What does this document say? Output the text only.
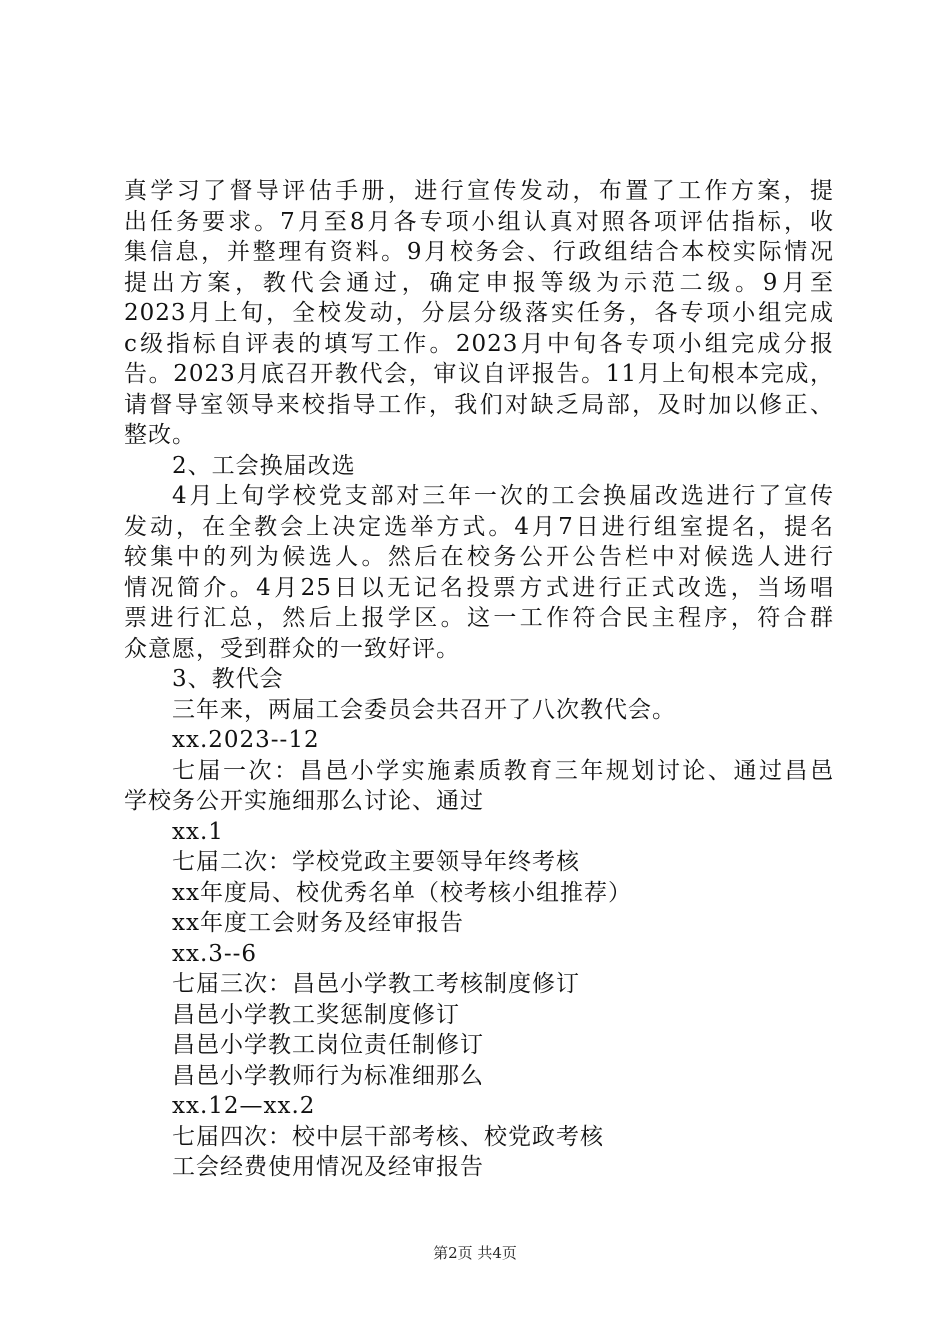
真学习了督导评估手册，进行宣传发动，布置了工作方案，提
出任务要求。7月至8月各专项小组认真对照各项评估指标，收
集信息，并整理有资料。9月校务会、行政组结合本校实际情况
提出方案，教代会通过，确定申报等级为示范二级。9月至
2023月上旬，全校发动，分层分级落实任务，各专项小组完成
c级指标自评表的填写工作。2023月中旬各专项小组完成分报
告。2023月底召开教代会，审议自评报告。11月上旬根本完成，
请督导室领导来校指导工作，我们对缺乏局部，及时加以修正、
整改。
2、工会换届改选
4月上旬学校党支部对三年一次的工会换届改选进行了宣传
发动，在全教会上决定选举方式。4月7日进行组室提名，提名
较集中的列为候选人。然后在校务公开公告栏中对候选人进行
情况简介。4月25日以无记名投票方式进行正式改选，当场唱
票进行汇总，然后上报学区。这一工作符合民主程序，符合群
众意愿，受到群众的一致好评。
3、教代会
三年来，两届工会委员会共召开了八次教代会。
xx.2023--12
七届一次：昌邑小学实施素质教育三年规划讨论、通过昌邑
学校务公开实施细那么讨论、通过
xx.1
七届二次：学校党政主要领导年终考核
xx年度局、校优秀名单（校考核小组推荐）
xx年度工会财务及经审报告
xx.3--6
七届三次：昌邑小学教工考核制度修订
昌邑小学教工奖惩制度修订
昌邑小学教工岗位责任制修订
昌邑小学教师行为标准细那么
xx.12—xx.2
七届四次：校中层干部考核、校党政考核
工会经费使用情况及经审报告
第2页 共4页
